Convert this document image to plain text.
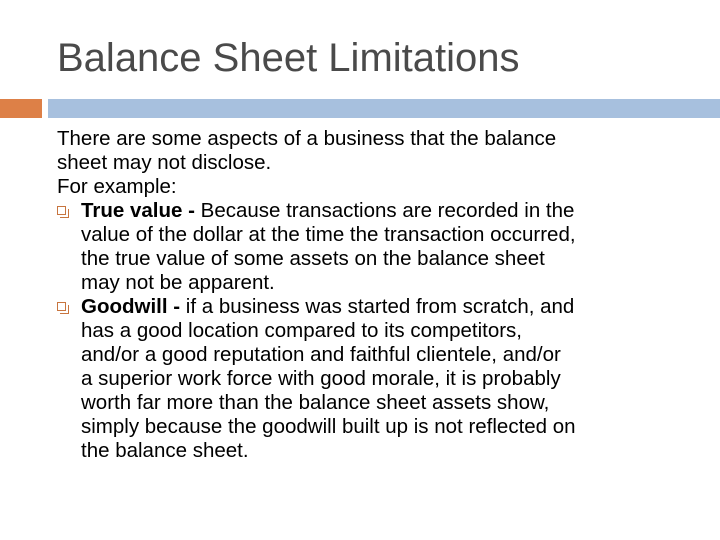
Balance Sheet Limitations

There are some aspects of a business that the balance

sheet may not disclose.

For example:

True value - Because transactions are recorded in the
value of the dollar at the time the transaction occurred,
the true value of some assets on the balance sheet
may not be apparent.
Goodwill - if a business was started from scratch, and
has a good location compared to its competitors,
and/or a good reputation and faithful clientele, and/or
a superior work force with good morale, it is probably
worth far more than the balance sheet assets show,
simply because the goodwill built up is not reflected on
the balance sheet.
